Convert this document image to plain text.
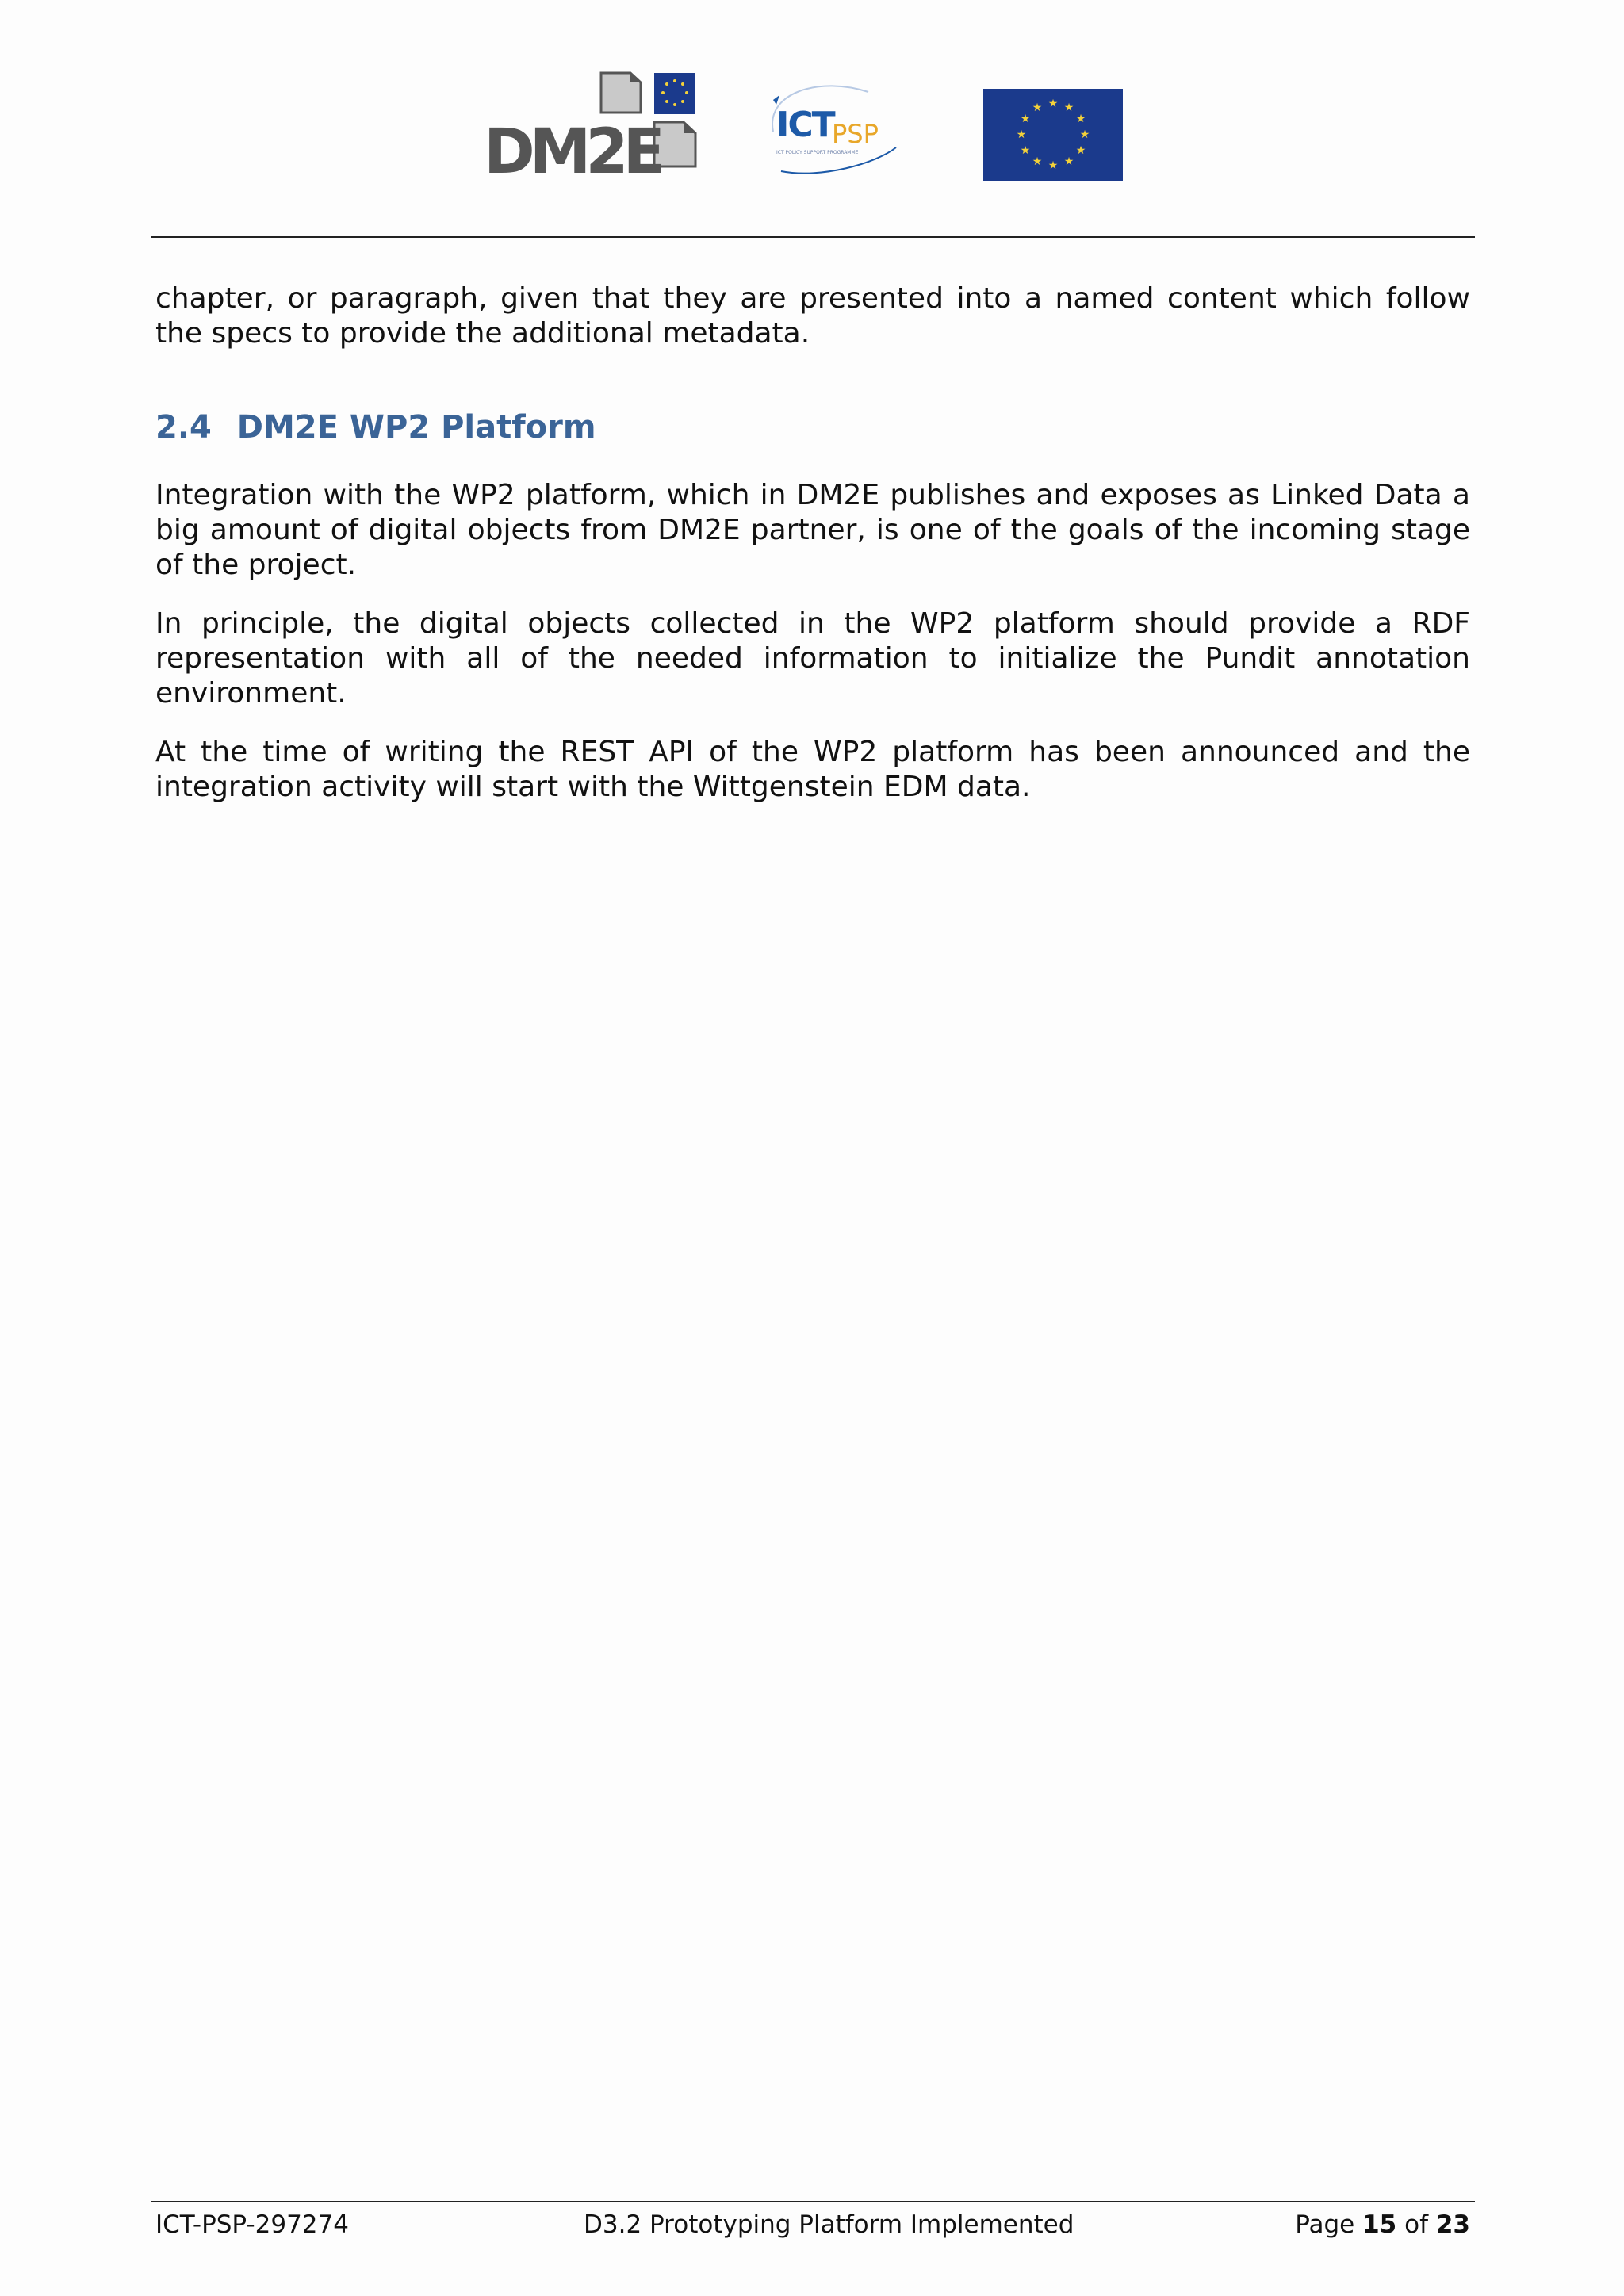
DM2E	ICT
PSP
ICT POLICY SUPPORT PROGRAMME
★ ★
★
★
★
★
★
★
★
★
★
★

chapter, or paragraph, given that they are presented into a named content which follow the specs to provide the additional metadata.

2.4 DM2E WP2 Platform

Integration with the WP2 platform, which in DM2E publishes and exposes as Linked Data a big amount of digital objects from DM2E partner, is one of the goals of the incoming stage of the project.

In principle, the digital objects collected in the WP2 platform should provide a RDF representation with all of the needed information to initialize the Pundit annotation environment.

At the time of writing the REST API of the WP2 platform has been announced and the integration activity will start with the Wittgenstein EDM data.

ICT-PSP-297274	D3.2 Prototyping Platform Implemented	Page 15 of 23
